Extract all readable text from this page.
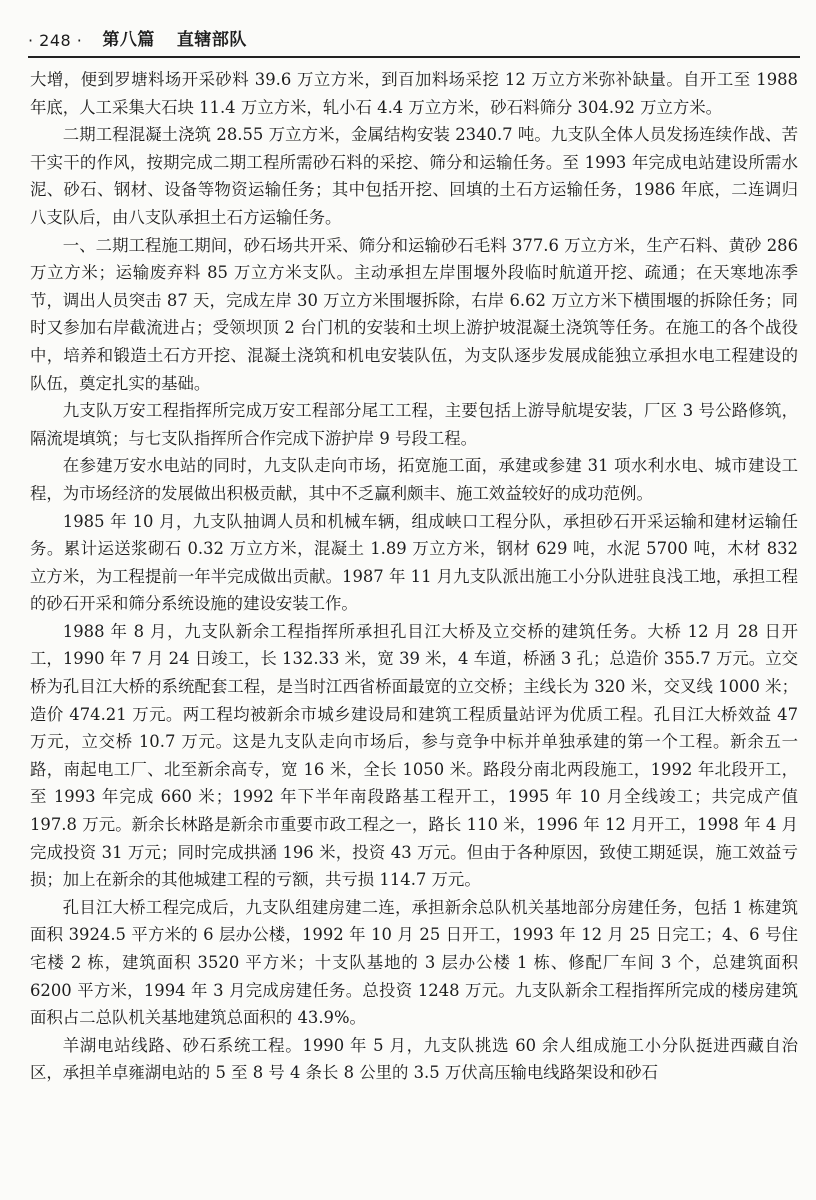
· 248 · 第八篇 直辖部队

大增，便到罗塘料场开采砂料 39.6 万立方米，到百加料场采挖 12 万立方米弥补缺量。自开工至 1988 年底，人工采集大石块 11.4 万立方米，轧小石 4.4 万立方米，砂石料筛分 304.92 万立方米。

二期工程混凝土浇筑 28.55 万立方米，金属结构安装 2340.7 吨。九支队全体人员发扬连续作战、苦干实干的作风，按期完成二期工程所需砂石料的采挖、筛分和运输任务。至 1993 年完成电站建设所需水泥、砂石、钢材、设备等物资运输任务；其中包括开挖、回填的土石方运输任务，1986 年底，二连调归八支队后，由八支队承担土石方运输任务。

一、二期工程施工期间，砂石场共开采、筛分和运输砂石毛料 377.6 万立方米，生产石料、黄砂 286 万立方米；运输废弃料 85 万立方米支队。主动承担左岸围堰外段临时航道开挖、疏通；在天寒地冻季节，调出人员突击 87 天，完成左岸 30 万立方米围堰拆除，右岸 6.62 万立方米下横围堰的拆除任务；同时又参加右岸截流进占；受领坝顶 2 台门机的安装和土坝上游护坡混凝土浇筑等任务。在施工的各个战役中，培养和锻造土石方开挖、混凝土浇筑和机电安装队伍，为支队逐步发展成能独立承担水电工程建设的队伍，奠定扎实的基础。

九支队万安工程指挥所完成万安工程部分尾工工程，主要包括上游导航堤安装，厂区 3 号公路修筑，隔流堤填筑；与七支队指挥所合作完成下游护岸 9 号段工程。

在参建万安水电站的同时，九支队走向市场，拓宽施工面，承建或参建 31 项水利水电、城市建设工程，为市场经济的发展做出积极贡献，其中不乏赢利颇丰、施工效益较好的成功范例。

1985 年 10 月，九支队抽调人员和机械车辆，组成峡口工程分队，承担砂石开采运输和建材运输任务。累计运送浆砌石 0.32 万立方米，混凝土 1.89 万立方米，钢材 629 吨，水泥 5700 吨，木材 832 立方米，为工程提前一年半完成做出贡献。1987 年 11 月九支队派出施工小分队进驻良浅工地，承担工程的砂石开采和筛分系统设施的建设安装工作。

1988 年 8 月，九支队新余工程指挥所承担孔目江大桥及立交桥的建筑任务。大桥 12 月 28 日开工，1990 年 7 月 24 日竣工，长 132.33 米，宽 39 米，4 车道，桥涵 3 孔；总造价 355.7 万元。立交桥为孔目江大桥的系统配套工程，是当时江西省桥面最宽的立交桥；主线长为 320 米，交叉线 1000 米；造价 474.21 万元。两工程均被新余市城乡建设局和建筑工程质量站评为优质工程。孔目江大桥效益 47 万元，立交桥 10.7 万元。这是九支队走向市场后，参与竞争中标并单独承建的第一个工程。新余五一路，南起电工厂、北至新余高专，宽 16 米，全长 1050 米。路段分南北两段施工，1992 年北段开工，至 1993 年完成 660 米；1992 年下半年南段路基工程开工，1995 年 10 月全线竣工；共完成产值 197.8 万元。新余长林路是新余市重要市政工程之一，路长 110 米，1996 年 12 月开工，1998 年 4 月完成投资 31 万元；同时完成拱涵 196 米，投资 43 万元。但由于各种原因，致使工期延误，施工效益亏损；加上在新余的其他城建工程的亏额，共亏损 114.7 万元。

孔目江大桥工程完成后，九支队组建房建二连，承担新余总队机关基地部分房建任务，包括 1 栋建筑面积 3924.5 平方米的 6 层办公楼，1992 年 10 月 25 日开工，1993 年 12 月 25 日完工；4、6 号住宅楼 2 栋，建筑面积 3520 平方米；十支队基地的 3 层办公楼 1 栋、修配厂车间 3 个，总建筑面积 6200 平方米，1994 年 3 月完成房建任务。总投资 1248 万元。九支队新余工程指挥所完成的楼房建筑面积占二总队机关基地建筑总面积的 43.9%。

羊湖电站线路、砂石系统工程。1990 年 5 月，九支队挑选 60 余人组成施工小分队挺进西藏自治区，承担羊卓雍湖电站的 5 至 8 号 4 条长 8 公里的 3.5 万伏高压输电线路架设和砂石
